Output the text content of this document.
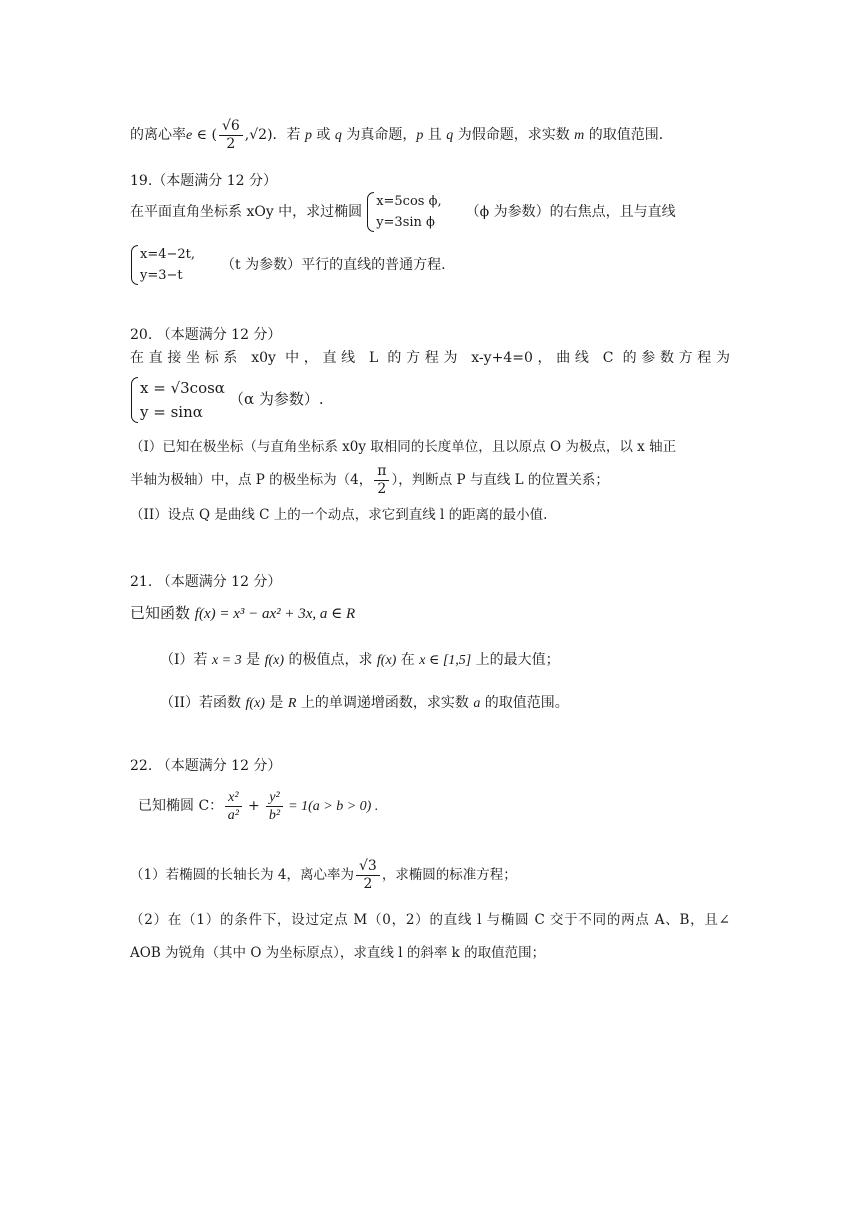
的离心率e ∈ ( $\frac{√6}{2} ,√2$)．若 p 或 q 为真命题，p 且 q 为假命题，求实数 m 的取值范围．
19.（本题满分 12 分）
在平面直角坐标系 xOy 中，求过椭圆
x=5cos ϕ,
y=3sin ϕ
（ϕ 为参数）的右焦点，且与直线
x=4−2t,
y=3−t
（t 为参数）平行的直线的普通方程.
20. （本题满分 12 分）
在直接坐标系 x0y 中，直线 L 的方程为 x-y+4=0，曲线 C 的参数方程为
x = √3cosα
y = sinα
（α 为参数）.
（I）已知在极坐标（与直角坐标系 x0y 取相同的长度单位，且以原点 O 为极点，以 x 轴正
半轴为极轴）中，点 P 的极坐标为（4， $\frac{\pi}{2}$ ），判断点 P 与直线 L 的位置关系；
（II）设点 Q 是曲线 C 上的一个动点，求它到直线 l 的距离的最小值.
21. （本题满分 12 分）
已知函数 f(x) = x³ − ax² + 3x, a ∈ R
（I）若 x = 3 是 f(x) 的极值点，求 f(x) 在 x ∈ [1,5] 上的最大值；
（II）若函数 f(x) 是 R 上的单调递增函数，求实数 a 的取值范围。
22. （本题满分 12 分）
已知椭圆 C： $\frac{\text{x²}}{\text{a²}} + \frac{\text{y²}}{\text{b²}} = 1(a > b > 0)$ .
（1）若椭圆的长轴长为 4，离心率为 $\frac{√3}{2}$ ，求椭圆的标准方程；
（2）在（1）的条件下，设过定点 M（0，2）的直线 l 与椭圆 C 交于不同的两点 A、B，且∠
AOB 为锐角（其中 O 为坐标原点），求直线 l 的斜率 k 的取值范围；
